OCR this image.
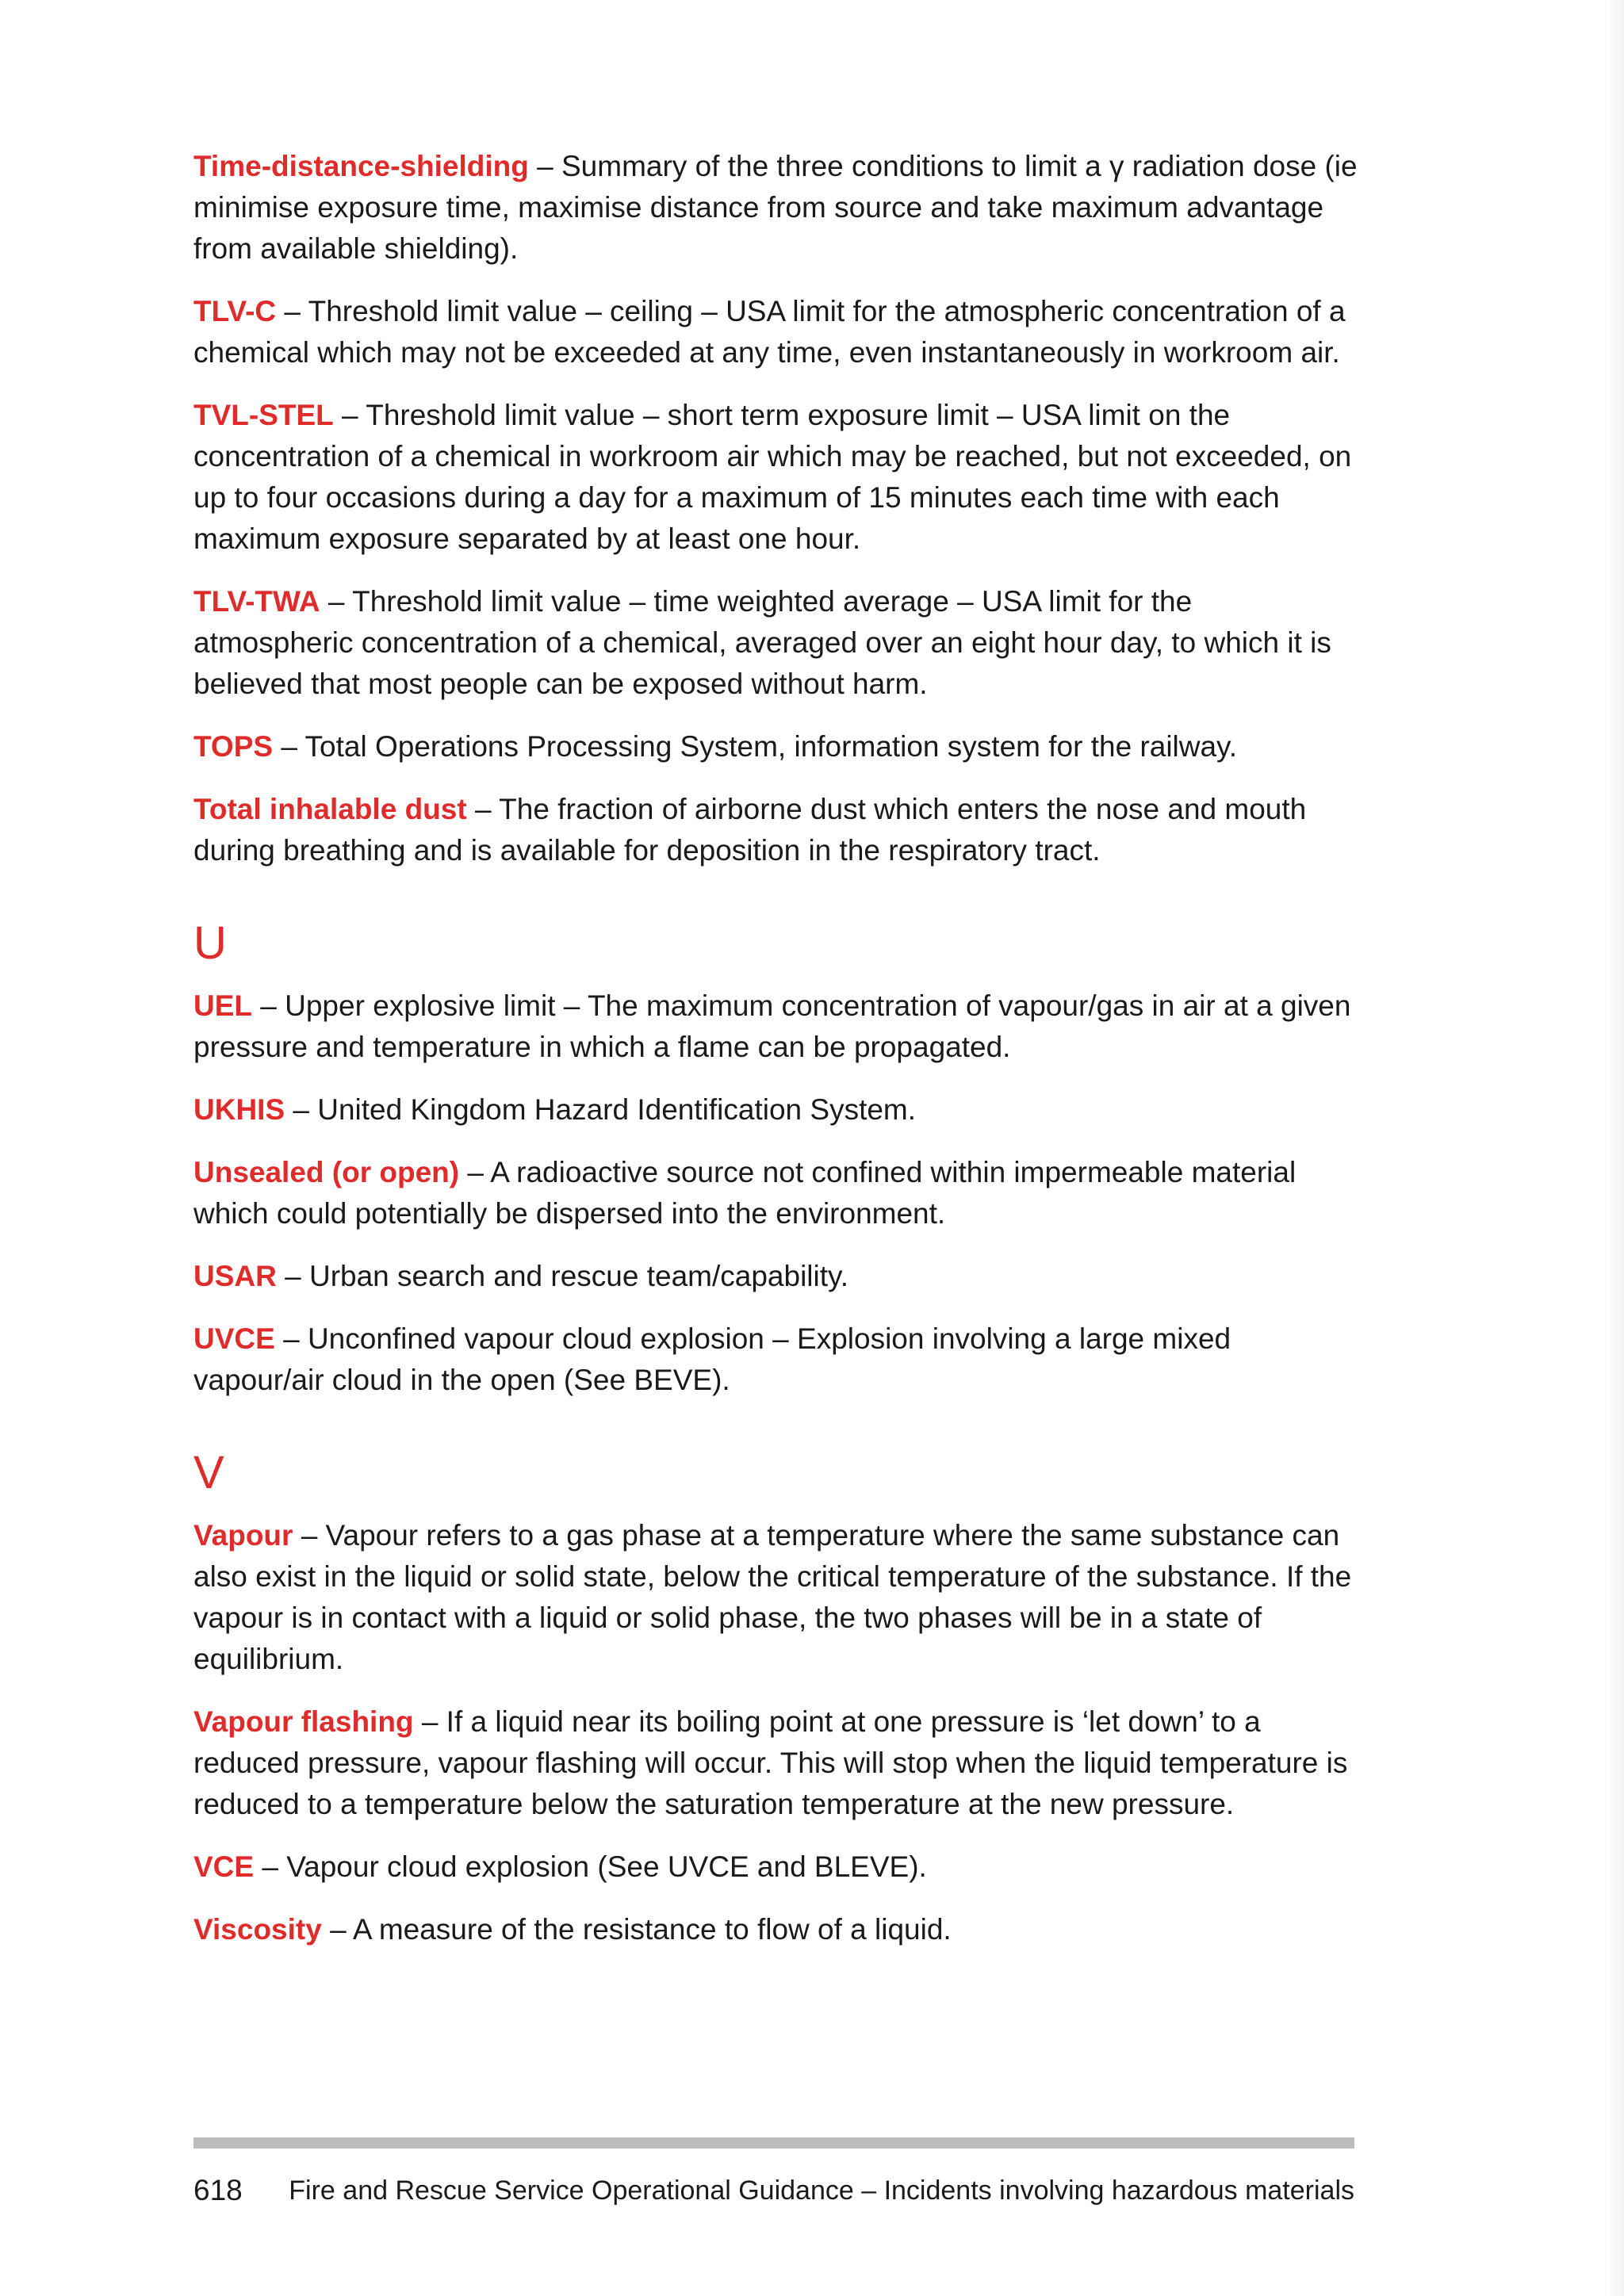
Time-distance-shielding – Summary of the three conditions to limit a γ radiation dose (ie minimise exposure time, maximise distance from source and take maximum advantage from available shielding).

TLV-C – Threshold limit value – ceiling – USA limit for the atmospheric concentration of a chemical which may not be exceeded at any time, even instantaneously in workroom air.

TVL-STEL – Threshold limit value – short term exposure limit – USA limit on the concentration of a chemical in workroom air which may be reached, but not exceeded, on up to four occasions during a day for a maximum of 15 minutes each time with each maximum exposure separated by at least one hour.

TLV-TWA – Threshold limit value – time weighted average – USA limit for the atmospheric concentration of a chemical, averaged over an eight hour day, to which it is believed that most people can be exposed without harm.

TOPS – Total Operations Processing System, information system for the railway.

Total inhalable dust – The fraction of airborne dust which enters the nose and mouth during breathing and is available for deposition in the respiratory tract.

U

UEL – Upper explosive limit – The maximum concentration of vapour/gas in air at a given pressure and temperature in which a flame can be propagated.

UKHIS – United Kingdom Hazard Identification System.

Unsealed (or open) – A radioactive source not confined within impermeable material which could potentially be dispersed into the environment.

USAR – Urban search and rescue team/capability.

UVCE – Unconfined vapour cloud explosion – Explosion involving a large mixed vapour/air cloud in the open (See BEVE).

V

Vapour – Vapour refers to a gas phase at a temperature where the same substance can also exist in the liquid or solid state, below the critical temperature of the substance. If the vapour is in contact with a liquid or solid phase, the two phases will be in a state of equilibrium.

Vapour flashing – If a liquid near its boiling point at one pressure is ‘let down’ to a reduced pressure, vapour flashing will occur. This will stop when the liquid temperature is reduced to a temperature below the saturation temperature at the new pressure.

VCE – Vapour cloud explosion (See UVCE and BLEVE).

Viscosity – A measure of the resistance to flow of a liquid.

618 Fire and Rescue Service Operational Guidance – Incidents involving hazardous materials
